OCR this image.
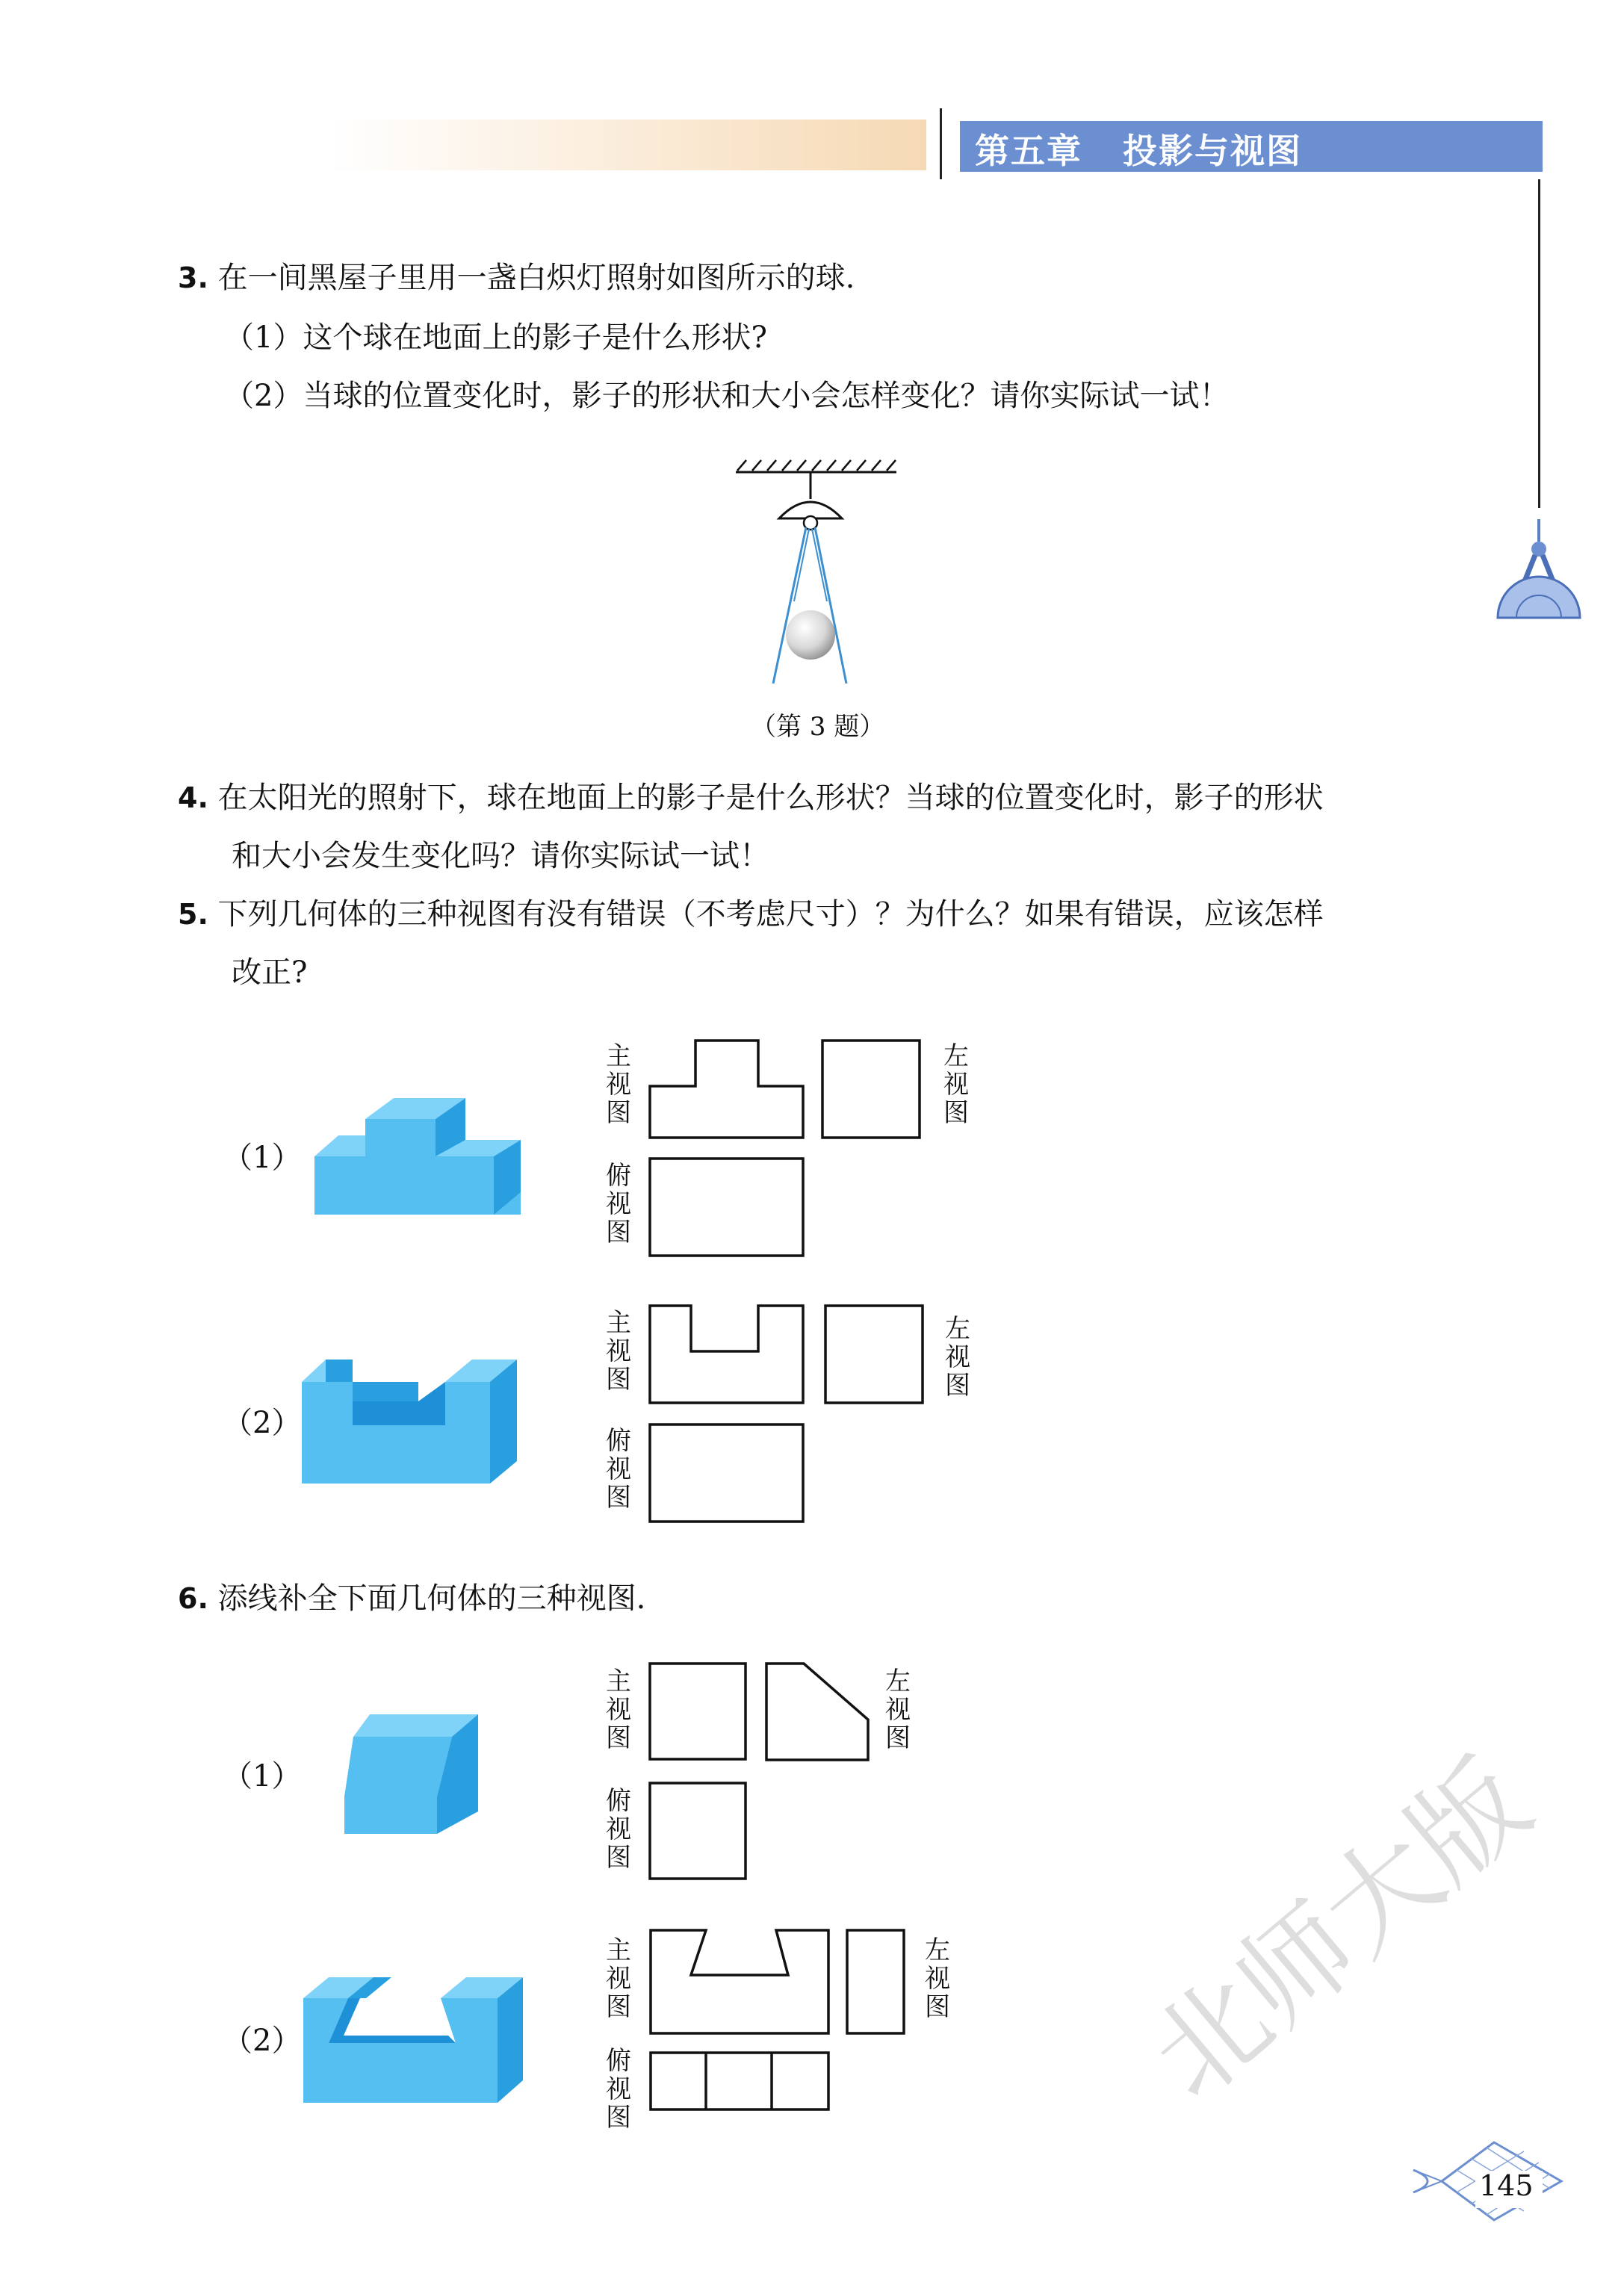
第五章 投影与视图
3. 在一间黑屋子里用一盏白炽灯照射如图所示的球.
（1）这个球在地面上的影子是什么形状?
（2）当球的位置变化时，影子的形状和大小会怎样变化？请你实际试一试！
（第 3 题）
4. 在太阳光的照射下，球在地面上的影子是什么形状？当球的位置变化时，影子的形状
和大小会发生变化吗？请你实际试一试！
5. 下列几何体的三种视图有没有错误（不考虑尺寸）？为什么？如果有错误，应该怎样
改正?
（1）
主视图
左视图
俯视图
（2）
主视图
左视图
俯视图
6. 添线补全下面几何体的三种视图.
（1）
主视图
左视图
俯视图
（2）
主视图
左视图
俯视图	北师大版
145
